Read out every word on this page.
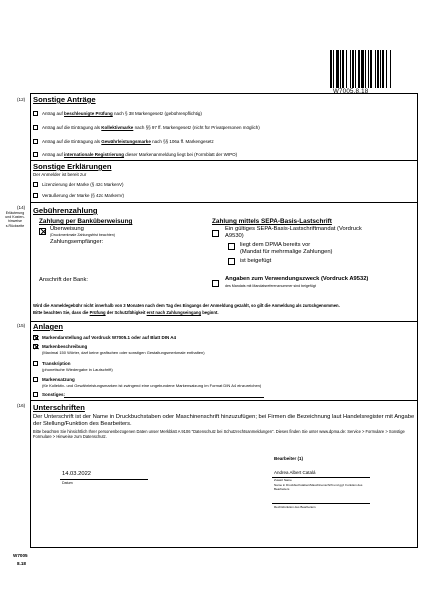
W7005.8.18
(12) Sonstige Anträge
Antrag auf beschleunigte Prüfung nach § 38 Markengesetz (gebührenpflichtig)
Antrag auf die Eintragung als Kollektivmarke nach §§ 97 ff. Markengesetz (nicht für Privatpersonen möglich)
Antrag auf die Eintragung als Gewährleistungsmarke nach §§ 106a ff. Markengesetz
Antrag auf internationale Registrierung dieser Markenanmeldung liegt bei (Formblatt der WIPO)
Sonstige Erklärungen
Der Anmelder ist bereit zur
Lizenzierung der Marke (§ 42c MarkenV)
Veräußerung der Marke (§ 42c MarkenV)
(14)
Erläuterung
und Kosten-
hinweise
s.Rückseite
Gebührenzahlung
Zahlung per Banküberweisung
Überweisung
(Druckmerkmale Zahlungsfrist beachten)
Zahlungsempfänger:
Anschrift der Bank:
Zahlung mittels SEPA-Basis-Lastschrift
Ein gültiges SEPA-Basis-Lastschriftmandat (Vordruck
A9530)
liegt dem DPMA bereits vor
(Mandat für mehrmalige Zahlungen)
ist beigefügt
Angaben zum Verwendungszweck (Vordruck A9532)
des Mandats mit Mandatsreferenznummer sind beigefügt
Wird die Anmeldegebühr nicht innerhalb von 3 Monaten nach dem Tag des Eingangs der Anmeldung gezahlt, so gilt die Anmeldung als zurückgenommen.
Bitte beachten Sie, dass die Prüfung der Schutzfähigkeit erst nach Zahlungseingang beginnt.
(15) Anlagen
Markendarstellung auf Vordruck W7005.1 oder auf Blatt DIN A4
Markenbeschreibung
(Maximal 150 Wörter, darf keine grafischen oder sonstigen Gestaltungsmerkmale enthalten)
Transkription
(phonetische Wiedergabe in Lautschrift)
Markensatzung
(für Kollektiv- und Gewährleistungsmarken ist zwingend eine ungebundene Markensatzung im Format DIN A4 einzureichen)
Sonstiges:
(16) Unterschriften
Der Unterschrift ist der Name in Druckbuchstaben oder Maschinenschrift hinzuzufügen; bei Firmen die Bezeichnung laut Handelsregister mit Angabe der Stellung/Funktion des Bearbeiters.
Bitte beachten Sie hinsichtlich Ihrer personenbezogenen Daten unser Merkblatt A 9106 "Datenschutz bei Schutzrechtsanmeldungen". Dieses finden Sie unter www.dpma.de: Service > Formulare > Sonstige Formulare > Hinweise zum Datenschutz.
14.03.2022
Datum
Bearbeiter (1)
Andrea Albert Catalá
Zusatz Name
Name in Druckbuchstaben/Maschinenschrift und ggf. Funktion des Bearbeiters
Rechtsfunktion des Bearbeiters
W7005
8.18
